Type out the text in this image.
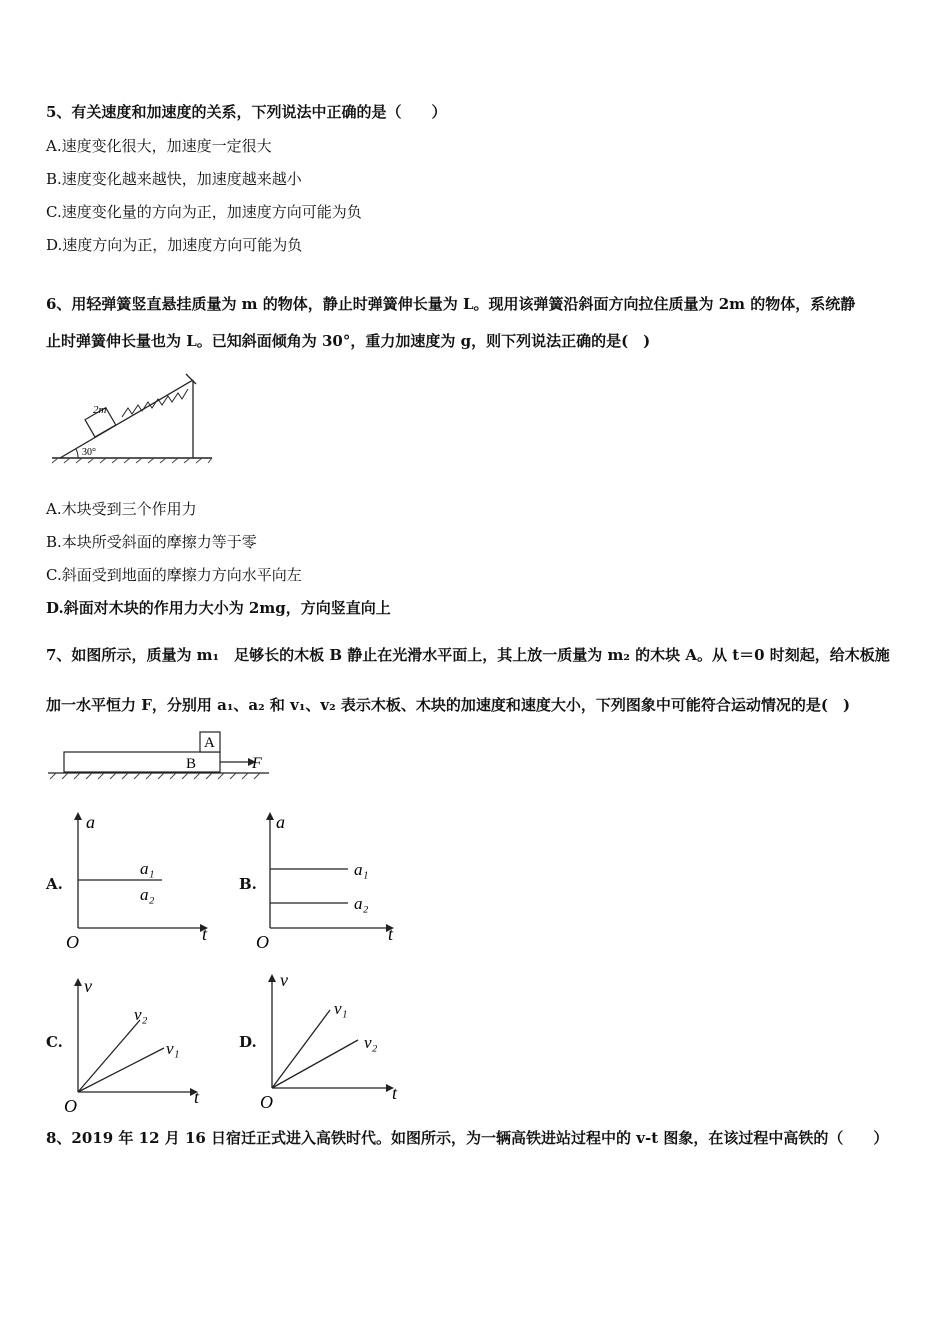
5、有关速度和加速度的关系，下列说法中正确的是（　　）
A.速度变化很大，加速度一定很大
B.速度变化越来越快，加速度越来越小
C.速度变化量的方向为正，加速度方向可能为负
D.速度方向为正，加速度方向可能为负
6、用轻弹簧竖直悬挂质量为 m 的物体，静止时弹簧伸长量为 L。现用该弹簧沿斜面方向拉住质量为 2m 的物体，系统静
止时弹簧伸长量也为 L。已知斜面倾角为 30°，重力加速度为 g，则下列说法正确的是(　)
2m
30°
A.木块受到三个作用力
B.本块所受斜面的摩擦力等于零
C.斜面受到地面的摩擦力方向水平向左
D.斜面对木块的作用力大小为 2mg，方向竖直向上
7、如图所示，质量为 m₁　足够长的木板 B 静止在光滑水平面上，其上放一质量为 m₂ 的木块 A。从 t＝0 时刻起，给木板施
加一水平恒力 F，分别用 a₁、a₂ 和 v₁、v₂ 表示木板、木块的加速度和速度大小，下列图象中可能符合运动情况的是(　)
A
B	F
A.
a
t
O
a₁
a₂
B.
a
t
O
a₁
a₂
C.
v
t
O
v₂
v₁	D.
v
t
O
v₁
v₂
8、2019 年 12 月 16 日宿迁正式进入高铁时代。如图所示，为一辆高铁进站过程中的 v-t 图象，在该过程中高铁的（　　）
